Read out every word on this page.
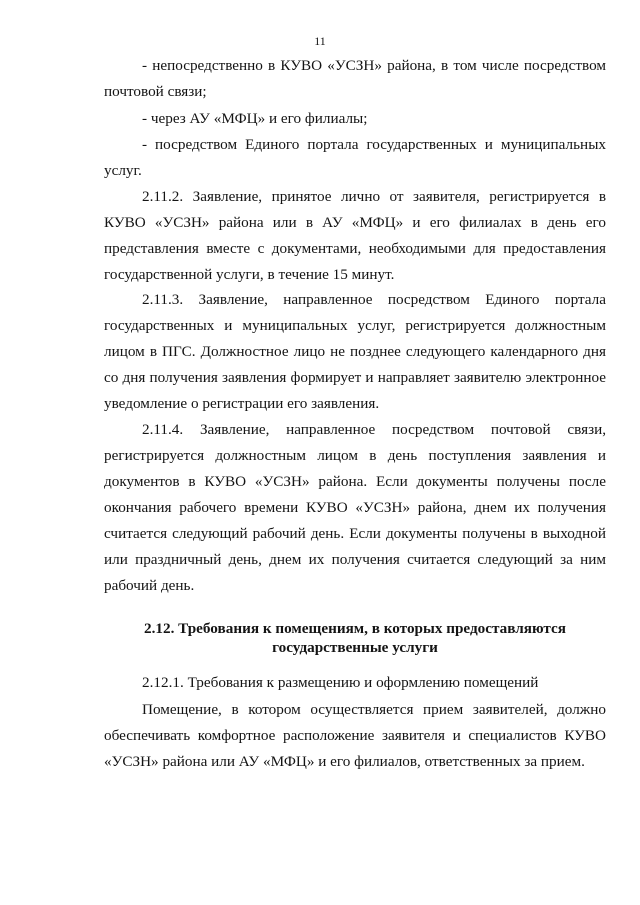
11

- непосредственно в КУВО «УСЗН» района, в том числе посредством почтовой связи;

- через АУ «МФЦ» и его филиалы;

- посредством Единого портала государственных и муниципальных услуг.

2.11.2. Заявление, принятое лично от заявителя, регистрируется в КУВО «УСЗН» района или в АУ «МФЦ» и его филиалах в день его представления вместе с документами, необходимыми для предоставления государственной услуги, в течение 15 минут.

2.11.3. Заявление, направленное посредством Единого портала государственных и муниципальных услуг, регистрируется должностным лицом в ПГС. Должностное лицо не позднее следующего календарного дня со дня получения заявления формирует и направляет заявителю электронное уведомление о регистрации его заявления.

2.11.4. Заявление, направленное посредством почтовой связи, регистрируется должностным лицом в день поступления заявления и документов в КУВО «УСЗН» района. Если документы получены после окончания рабочего времени КУВО «УСЗН» района, днем их получения считается следующий рабочий день. Если документы получены в выходной или праздничный день, днем их получения считается следующий за ним рабочий день.

2.12.1. Требования к размещению и оформлению помещений

Помещение, в котором осуществляется прием заявителей, должно обеспечивать комфортное расположение заявителя и специалистов КУВО «УСЗН» района или АУ «МФЦ» и его филиалов, ответственных за прием.

2.12. Требования к помещениям, в которых предоставляются государственные услуги
